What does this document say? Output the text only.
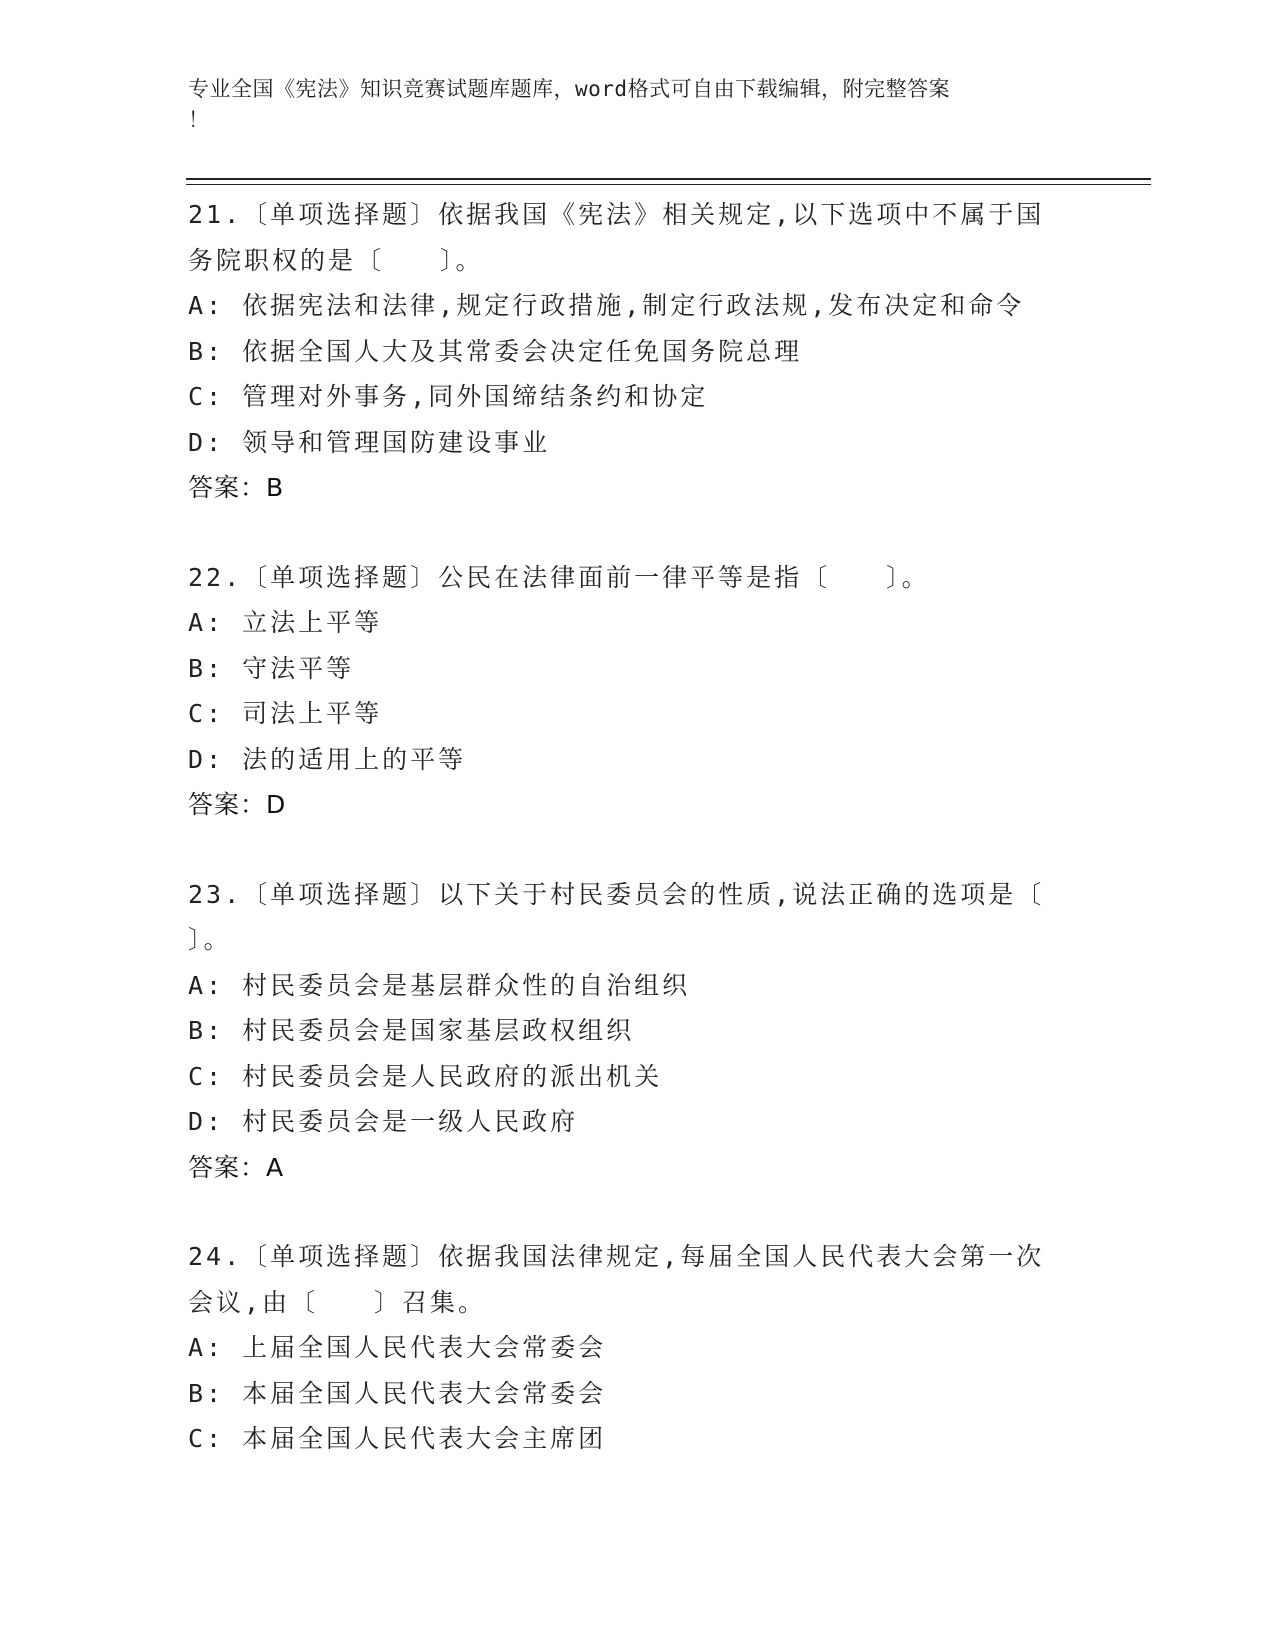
专业全国《宪法》知识竞赛试题库题库，word格式可自由下载编辑，附完整答案
！
21.〔单项选择题〕依据我国《宪法》相关规定,以下选项中不属于国
务院职权的是〔　　〕。
A: 依据宪法和法律,规定行政措施,制定行政法规,发布决定和命令
B: 依据全国人大及其常委会决定任免国务院总理
C: 管理对外事务,同外国缔结条约和协定
D: 领导和管理国防建设事业
答案：B
22.〔单项选择题〕公民在法律面前一律平等是指〔　　〕。
A: 立法上平等
B: 守法平等
C: 司法上平等
D: 法的适用上的平等
答案：D
23.〔单项选择题〕以下关于村民委员会的性质,说法正确的选项是〔
〕。
A: 村民委员会是基层群众性的自治组织
B: 村民委员会是国家基层政权组织
C: 村民委员会是人民政府的派出机关
D: 村民委员会是一级人民政府
答案：A
24.〔单项选择题〕依据我国法律规定,每届全国人民代表大会第一次
会议,由〔　　〕召集。
A: 上届全国人民代表大会常委会
B: 本届全国人民代表大会常委会
C: 本届全国人民代表大会主席团
